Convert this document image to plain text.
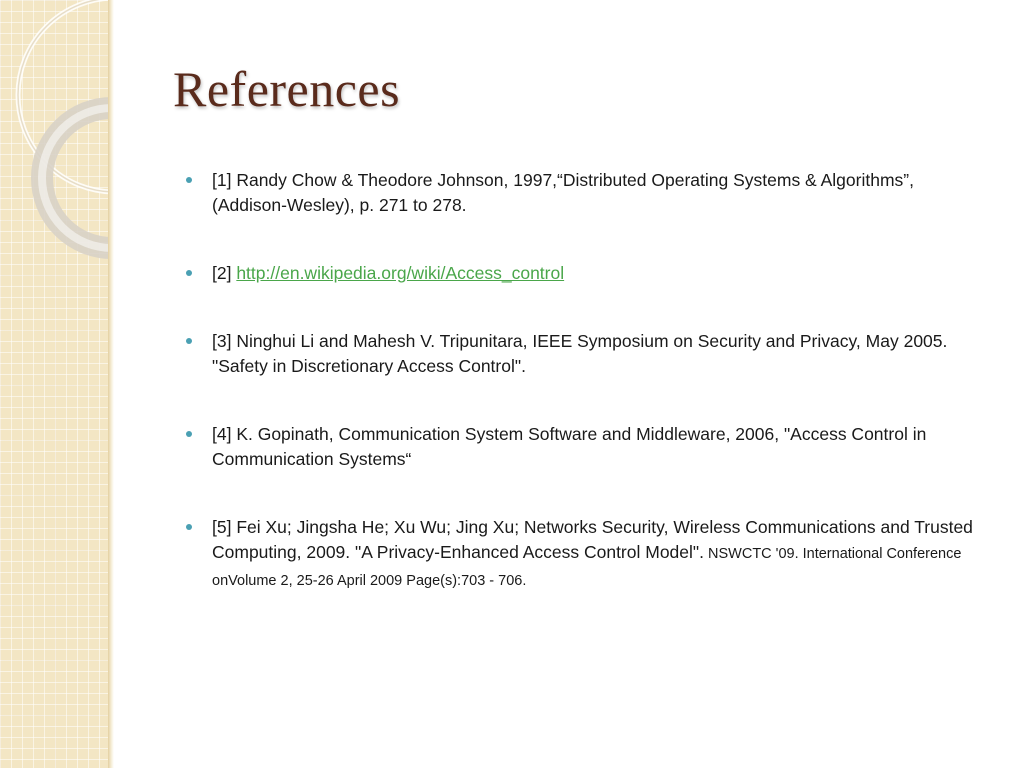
References
[1] Randy Chow & Theodore Johnson, 1997,“Distributed Operating Systems & Algorithms”, (Addison-Wesley), p. 271 to 278.
[2] http://en.wikipedia.org/wiki/Access_control
[3] Ninghui Li and Mahesh V. Tripunitara, IEEE Symposium on Security and Privacy, May 2005. "Safety in Discretionary Access Control".
[4] K. Gopinath, Communication System Software and Middleware, 2006, "Access Control in Communication Systems“
[5] Fei Xu; Jingsha He; Xu Wu; Jing Xu; Networks Security, Wireless Communications and Trusted Computing, 2009. "A Privacy-Enhanced Access Control Model". NSWCTC '09. International Conference onVolume 2, 25-26 April 2009 Page(s):703 - 706.
